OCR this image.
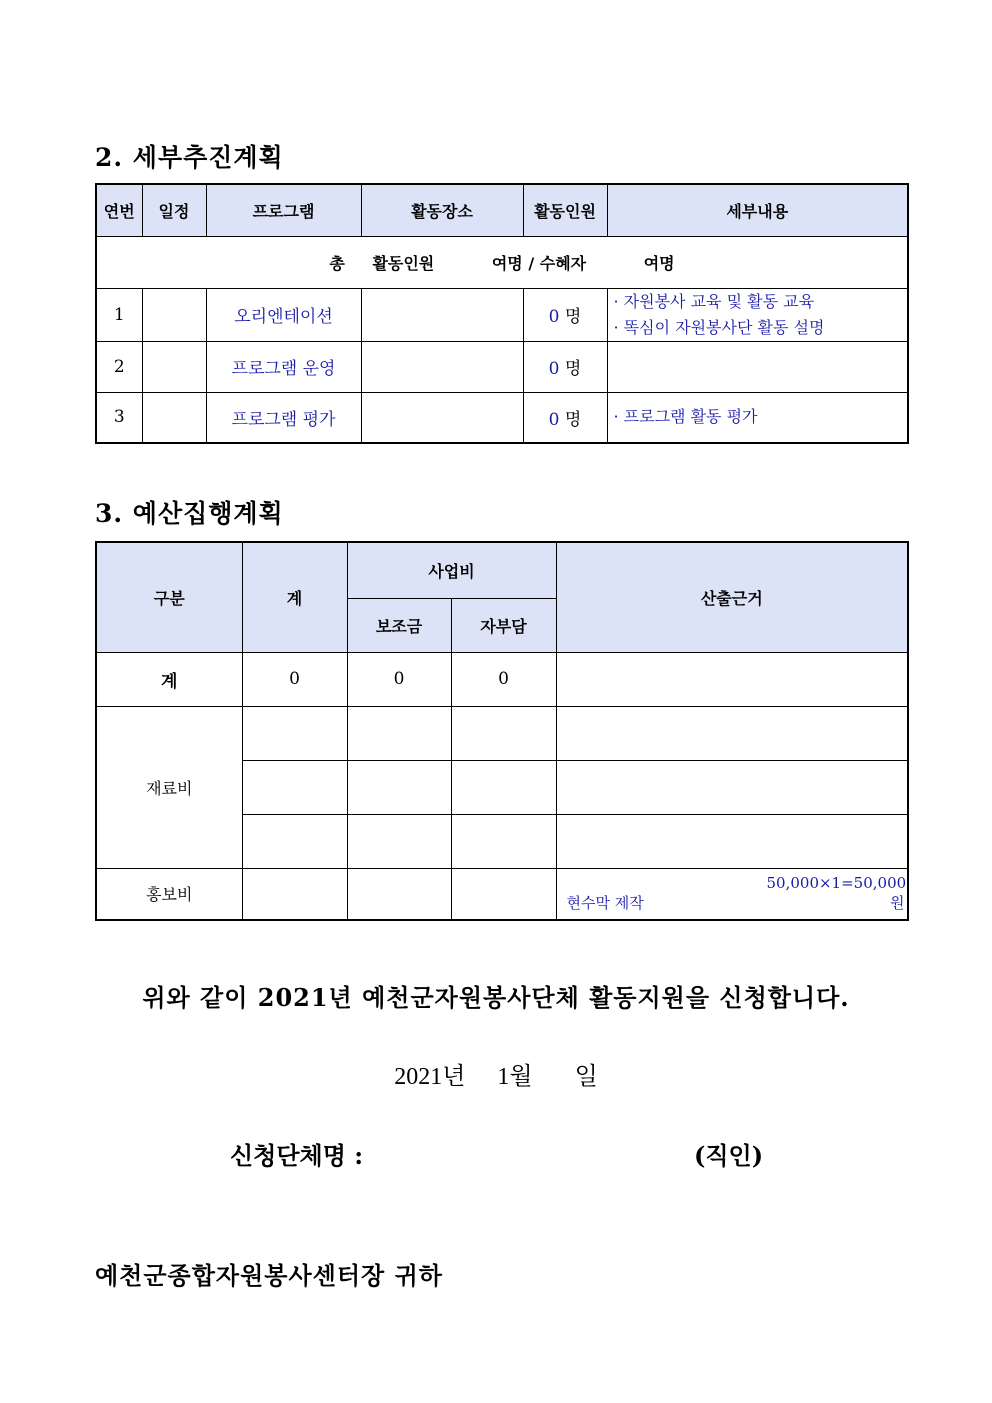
2. 세부추진계획
연번	일정	프로그램	활동장소	활동인원	세부내용
총 활동인원 여명 / 수혜자 여명					
1		오리엔테이션		0 명	· 자원봉사 교육 및 활동 교육
· 똑심이 자원봉사단 활동 설명

2		프로그램 운영		0 명	
3		프로그램 평가		0 명	· 프로그램 활동 평가
3. 예산집행계획
구분	계	사업비		산출근거
		보조금	자부담	
계	0	0	0	
재료비				

홍보비				현수막 제작50,000×1=50,000원

위와 같이 2021년 예천군자원봉사단체 활동지원을 신청합니다.

2021년 1월 일

신청단체명 :	(직인)
예천군종합자원봉사센터장 귀하
